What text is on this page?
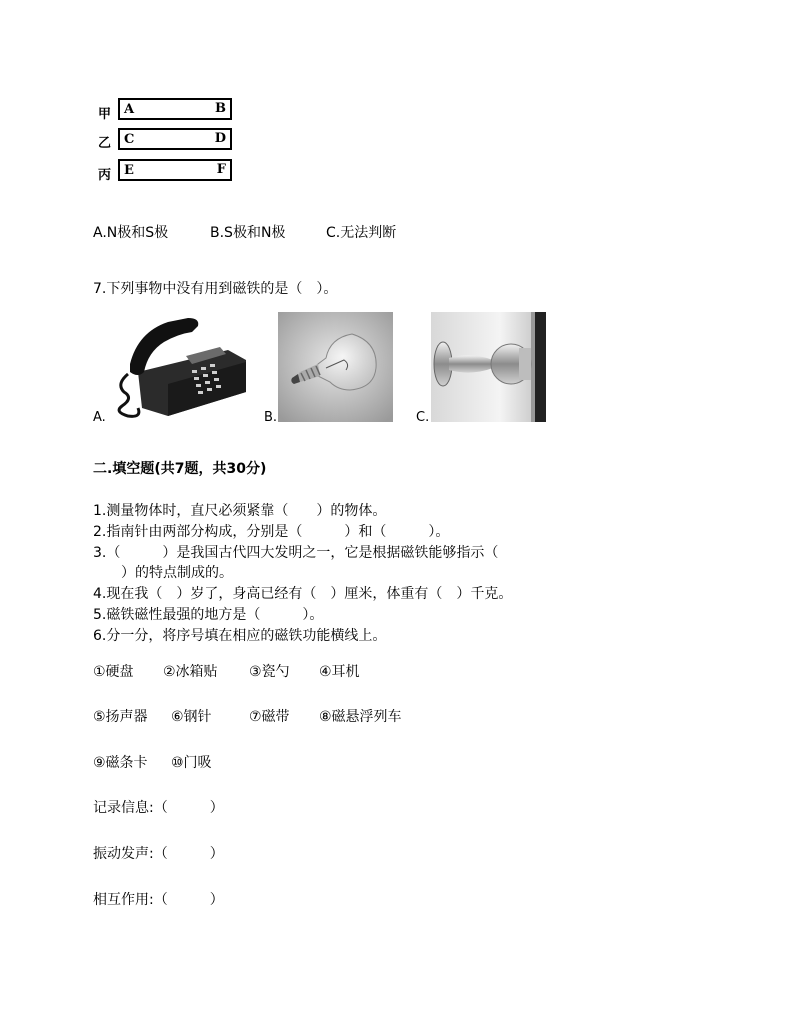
甲 A	B
乙 C	D
丙 E	F
A.N极和S极	B.S极和N极	C.无法判断
7.下列事物中没有用到磁铁的是（　）。
A.	B.	C.
二.填空题(共7题，共30分)
1.测量物体时，直尺必须紧靠（　　）的物体。
2.指南针由两部分构成，分别是（　　　）和（　　　）。
3.（　　　）是我国古代四大发明之一，它是根据磁铁能够指示（
　　）的特点制成的。
4.现在我（　）岁了，身高已经有（　）厘米，体重有（　）千克。
5.磁铁磁性最强的地方是（　　　）。
6.分一分，将序号填在相应的磁铁功能横线上。
①硬盘 ②冰箱贴 ③瓷勺 ④耳机
⑤扬声器 ⑥钢针	⑦磁带 ⑧磁悬浮列车
⑨磁条卡 ⑩门吸
记录信息:（　　　）
振动发声:（　　　）
相互作用:（　　　）
